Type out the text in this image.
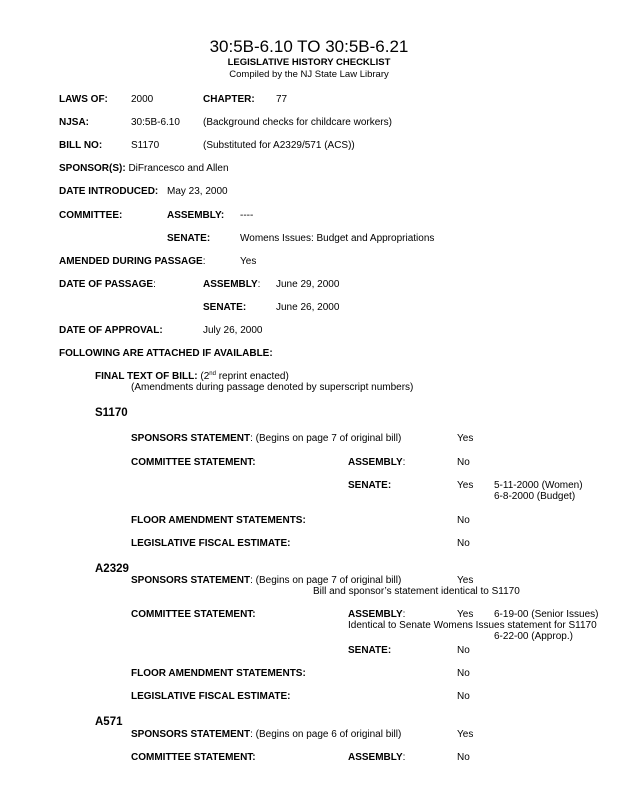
30:5B-6.10 TO 30:5B-6.21
LEGISLATIVE HISTORY CHECKLIST
Compiled by the NJ State Law Library
LAWS OF: 2000	CHAPTER: 77
NJSA:	30:5B-6.10 (Background checks for childcare workers)
BILL NO:	S1170	(Substituted for A2329/571 (ACS))
SPONSOR(S): DiFrancesco and Allen
DATE INTRODUCED: May 23, 2000
COMMITTEE:	ASSEMBLY: ----
SENATE:	Womens Issues: Budget and Appropriations
AMENDED DURING PASSAGE:	Yes
DATE OF PASSAGE:	ASSEMBLY: June 29, 2000
SENATE:	June 26, 2000
DATE OF APPROVAL:	July 26, 2000
FOLLOWING ARE ATTACHED IF AVAILABLE:
FINAL TEXT OF BILL: (2nd reprint enacted)
(Amendments during passage denoted by superscript numbers)
S1170
SPONSORS STATEMENT: (Begins on page 7 of original bill)	Yes
COMMITTEE STATEMENT:	ASSEMBLY:	No
SENATE:	Yes 5-11-2000 (Women)
6-8-2000 (Budget)
FLOOR AMENDMENT STATEMENTS:	No
LEGISLATIVE FISCAL ESTIMATE:	No
A2329
SPONSORS STATEMENT: (Begins on page 7 of original bill)	Yes
Bill and sponsor’s statement identical to S1170
COMMITTEE STATEMENT:	ASSEMBLY:	Yes 6-19-00 (Senior Issues)
Identical to Senate Womens Issues statement for S1170
6-22-00 (Approp.)
SENATE:	No
FLOOR AMENDMENT STATEMENTS:	No
LEGISLATIVE FISCAL ESTIMATE:	No
A571
SPONSORS STATEMENT: (Begins on page 6 of original bill)	Yes
COMMITTEE STATEMENT:	ASSEMBLY:	No
